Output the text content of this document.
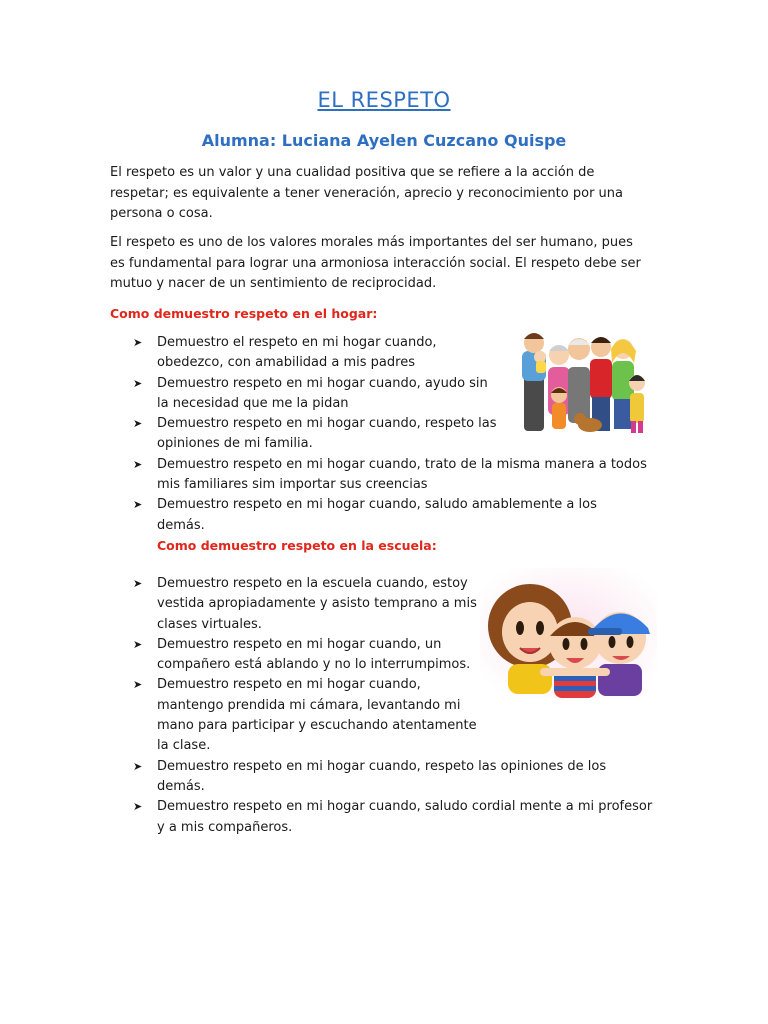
EL RESPETO
Alumna: Luciana Ayelen Cuzcano Quispe

El respeto es un valor y una cualidad positiva que se refiere a la acción de respetar; es equivalente a tener veneración, aprecio y reconocimiento por una persona o cosa.

El respeto es uno de los valores morales más importantes del ser humano, pues es fundamental para lograr una armoniosa interacción social. El respeto debe ser mutuo y nacer de un sentimiento de reciprocidad.

Como demuestro respeto en el hogar:
➤ Demuestro el respeto en mi hogar cuando, obedezco, con amabilidad a mis padres
➤ Demuestro respeto en mi hogar cuando, ayudo sin la necesidad que me la pidan
➤ Demuestro respeto en mi hogar cuando, respeto las opiniones de mi familia.
➤ Demuestro respeto en mi hogar cuando, trato de la misma manera a todos mis familiares sim importar sus creencias
➤ Demuestro respeto en mi hogar cuando, saludo amablemente a los demás.
Como demuestro respeto en la escuela:
➤ Demuestro respeto en la escuela cuando, estoy vestida apropiadamente y asisto temprano a mis clases virtuales.
➤ Demuestro respeto en mi hogar cuando, un compañero está ablando y no lo interrumpimos.
➤ Demuestro respeto en mi hogar cuando, mantengo prendida mi cámara, levantando mi mano para participar y escuchando atentamente la clase.
➤ Demuestro respeto en mi hogar cuando, respeto las opiniones de los demás.
➤ Demuestro respeto en mi hogar cuando, saludo cordial mente a mi profesor y a mis compañeros.
